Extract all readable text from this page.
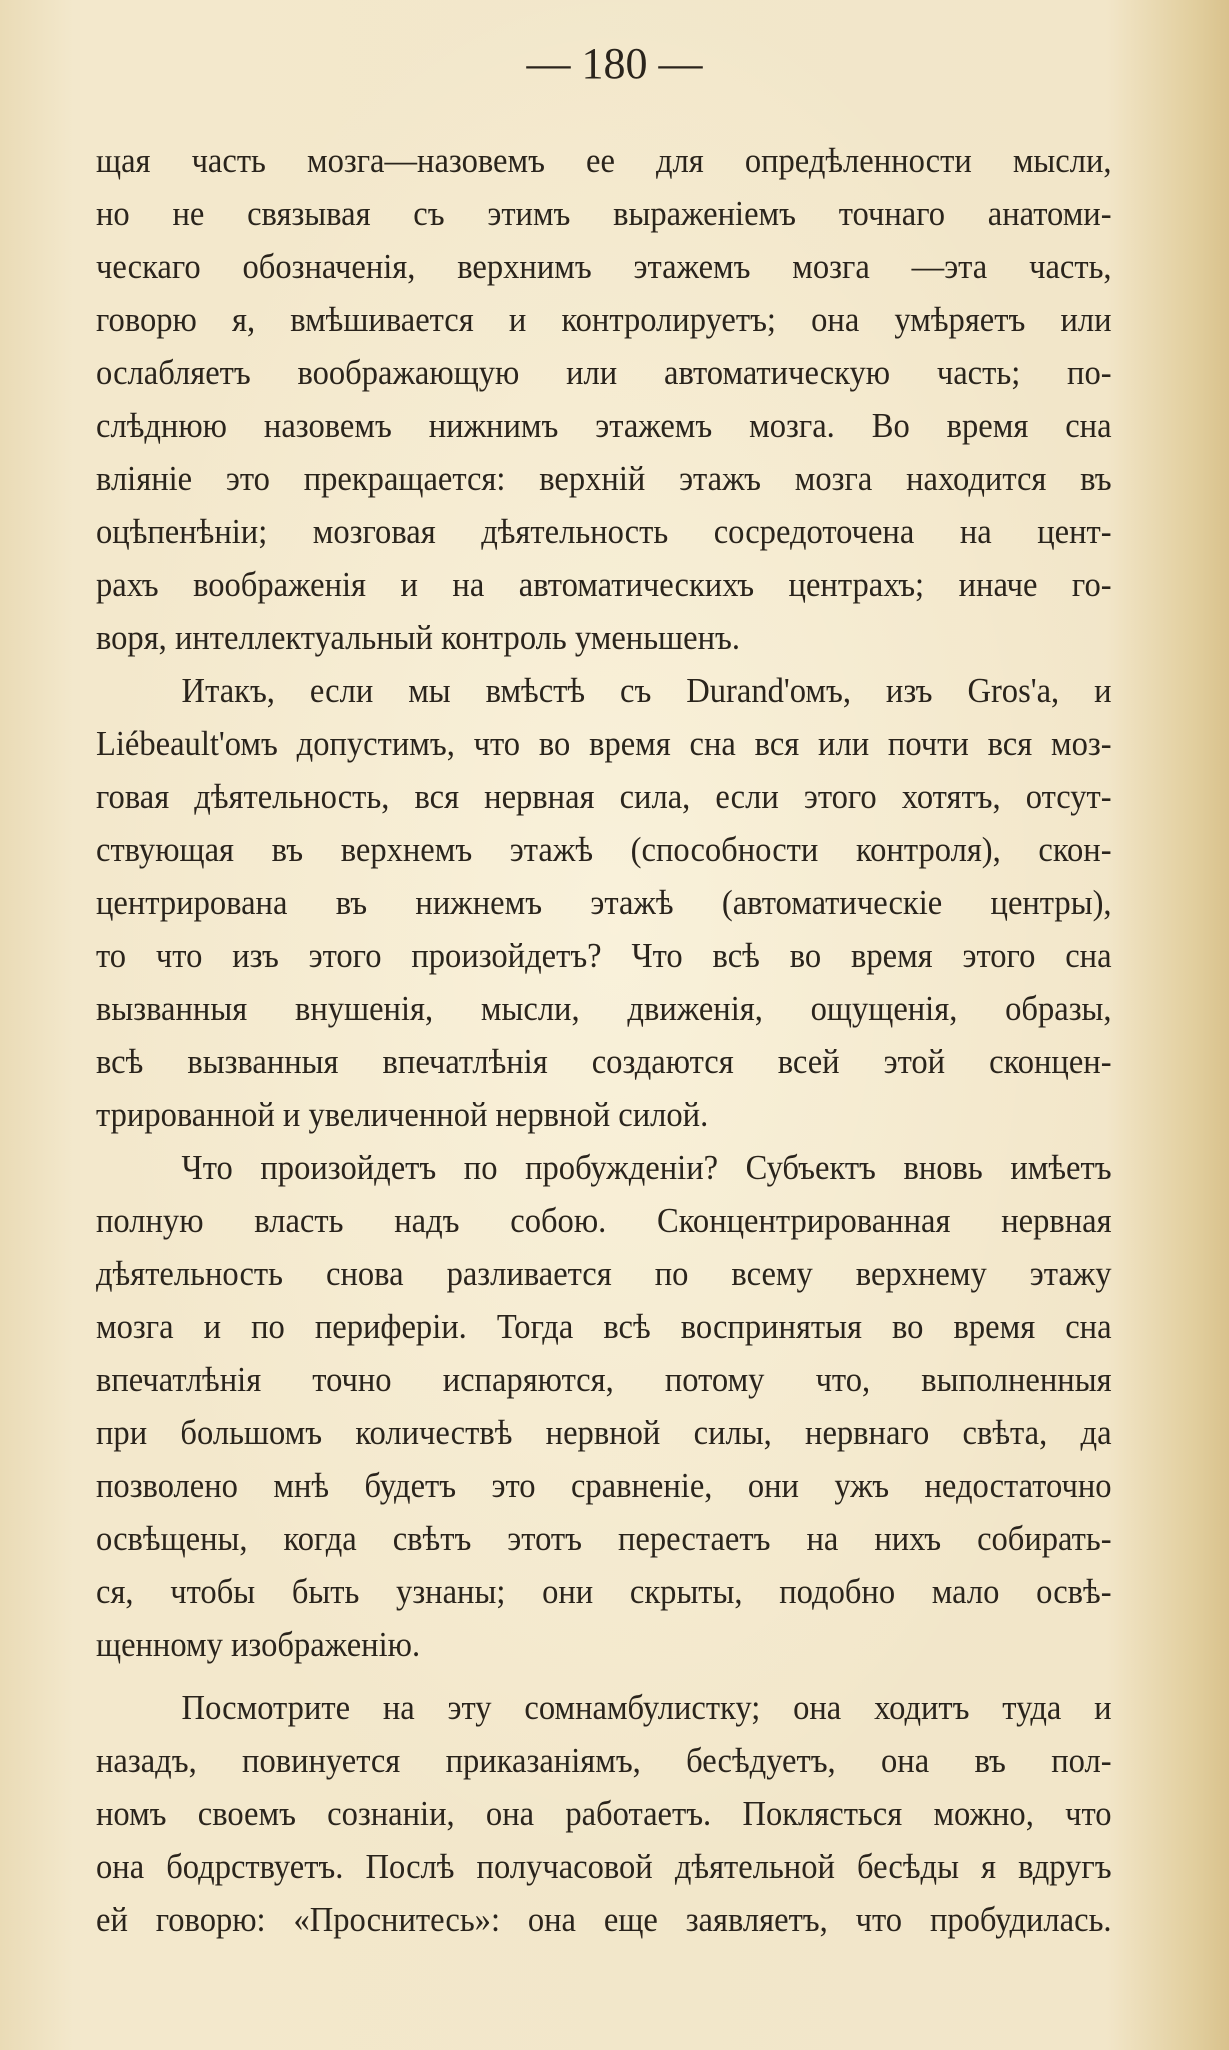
— 180 —
щая часть мозга—назовемъ ее для опредѣленности мысли,
но не связывая съ этимъ выраженіемъ точнаго анатоми-
ческаго обозначенія, верхнимъ этажемъ мозга —эта часть,
говорю я, вмѣшивается и контролируетъ; она умѣряетъ или
ослабляетъ воображающую или автоматическую часть; по-
слѣднюю назовемъ нижнимъ этажемъ мозга. Во время сна
вліяніе это прекращается: верхній этажъ мозга находится въ
оцѣпенѣніи; мозговая дѣятельность сосредоточена на цент-
рахъ воображенія и на автоматическихъ центрахъ; иначе го-
воря, интеллектуальный контроль уменьшенъ.
Итакъ, если мы вмѣстѣ съ Durand'омъ, изъ Gros'a, и
Liébeault'омъ допустимъ, что во время сна вся или почти вся моз-
говая дѣятельность, вся нервная сила, если этого хотятъ, отсут-
ствующая въ верхнемъ этажѣ (способности контроля), скон-
центрирована въ нижнемъ этажѣ (автоматическіе центры),
то что изъ этого произойдетъ? Что всѣ во время этого сна
вызванныя внушенія, мысли, движенія, ощущенія, образы,
всѣ вызванныя впечатлѣнія создаются всей этой сконцен-
трированной и увеличенной нервной силой.
Что произойдетъ по пробужденіи? Субъектъ вновь имѣетъ
полную власть надъ собою. Сконцентрированная нервная
дѣятельность снова разливается по всему верхнему этажу
мозга и по периферіи. Тогда всѣ воспринятыя во время сна
впечатлѣнія точно испаряются, потому что, выполненныя
при большомъ количествѣ нервной силы, нервнаго свѣта, да
позволено мнѣ будетъ это сравненіе, они ужъ недостаточно
освѣщены, когда свѣтъ этотъ перестаетъ на нихъ собирать-
ся, чтобы быть узнаны; они скрыты, подобно мало освѣ-
щенному изображенію.
Посмотрите на эту сомнамбулистку; она ходитъ туда и
назадъ, повинуется приказаніямъ, бесѣдуетъ, она въ пол-
номъ своемъ сознаніи, она работаетъ. Поклясться можно, что
она бодрствуетъ. Послѣ получасовой дѣятельной бесѣды я вдругъ
ей говорю: «Проснитесь»: она еще заявляетъ, что пробудилась.
